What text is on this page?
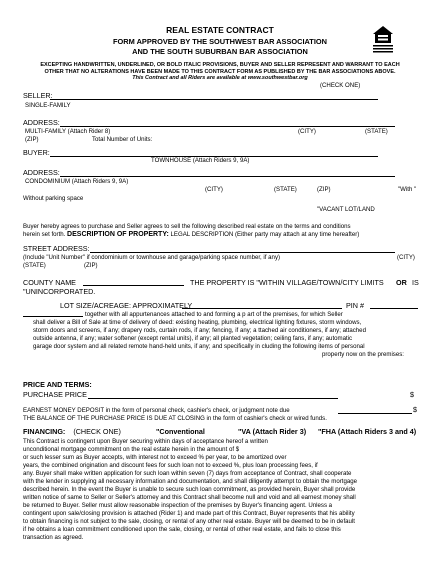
REAL ESTATE CONTRACT
FORM APPROVED BY THE SOUTHWEST BAR ASSOCIATION
AND THE SOUTH SUBURBAN BAR ASSOCIATION
EXCEPTING HANDWRITTEN, UNDERLINED, OR BOLD ITALIC PROVISIONS, BUYER AND SELLER REPRESENT AND WARRANT TO EACH
OTHER THAT NO ALTERATIONS HAVE BEEN MADE TO THIS CONTRACT FORM AS PUBLISHED BY THE BAR ASSOCIATIONS ABOVE.
This Contract and all Riders are available at www.southwestbar.org
(CHECK ONE)
SELLER:
SINGLE-FAMILY
ADDRESS:
MULTI-FAMILY (Attach Rider 8)	(CITY)	(STATE)
(ZIP)	Total Number of Units:
BUYER:
TOWNHOUSE (Attach Riders 9, 9A)
ADDRESS:
CONDOMINIUM (Attach Riders 9, 9A)
(CITY)	(STATE)	(ZIP)	"With "
Without parking space
"VACANT LOT/LAND
Buyer hereby agrees to purchase and Seller agrees to sell the following described real estate on the terms and conditions
herein set forth. DESCRIPTION OF PROPERTY: LEGAL DESCRIPTION (Either party may attach at any time hereafter)
STREET ADDRESS:
(Include "Unit Number" if condominium or townhouse and garage/parking space number, if any)	(CITY)
(STATE)	(ZIP)
COUNTY NAME	THE PROPERTY IS "WITHIN VILLAGE/TOWN/CITY LIMITS OR IS
"UNINCORPORATED.
LOT SIZE/ACREAGE: APPROXIMATELY	PIN #
together with all appurtenances attached to and forming a p art of the premises, for which Seller
shall deliver a Bill of Sale at time of delivery of deed: existing heating, plumbing, electrical lighting fixtures, storm windows,
storm doors and screens, if any; drapery rods, curtain rods, if any; fencing, if any; a ttached air conditioners, if any; attached
outside antenna, if any; water softener (except rental units), if any; all planted vegetation; ceiling fans, if any; automatic
garage door system and all related remote hand-held units, if any; and specifically in cluding the following items of personal
property now on the premises:
PRICE AND TERMS:
PURCHASE PRICE	$
EARNEST MONEY DEPOSIT in the form of personal check, cashier's check, or judgment note due	$
THE BALANCE OF THE PURCHASE PRICE IS DUE AT CLOSING in the form of cashier's check or wired funds.
FINANCING: (CHECK ONE)	"Conventional	"VA (Attach Rider 3) "FHA (Attach Riders 3 and 4)
This Contract is contingent upon Buyer securing within days of acceptance hereof a written
unconditional mortgage commitment on the real estate herein in the amount of $
or such lesser sum as Buyer accepts, with interest not to exceed % per year, to be amortized over
years, the combined origination and discount fees for such loan not to exceed %, plus loan processing fees, if
any. Buyer shall make written application for such loan within seven (7) days from acceptance of Contract, shall cooperate
with the lender in supplying all necessary information and documentation, and shall diligently attempt to obtain the mortgage
described herein. In the event the Buyer is unable to secure such loan commitment, as provided herein, Buyer shall provide
written notice of same to Seller or Seller's attorney and this Contract shall become null and void and all earnest money shall
be returned to Buyer. Seller must allow reasonable inspection of the premises by Buyer's financing agent. Unless a
contingent upon sale/closing provision is attached (Rider 1) and made part of this Contract, Buyer represents that his ability
to obtain financing is not subject to the sale, closing, or rental of any other real estate. Buyer will be deemed to be in default
if he obtains a loan commitment conditioned upon the sale, closing, or rental of other real estate, and fails to close this
transaction as agreed.
